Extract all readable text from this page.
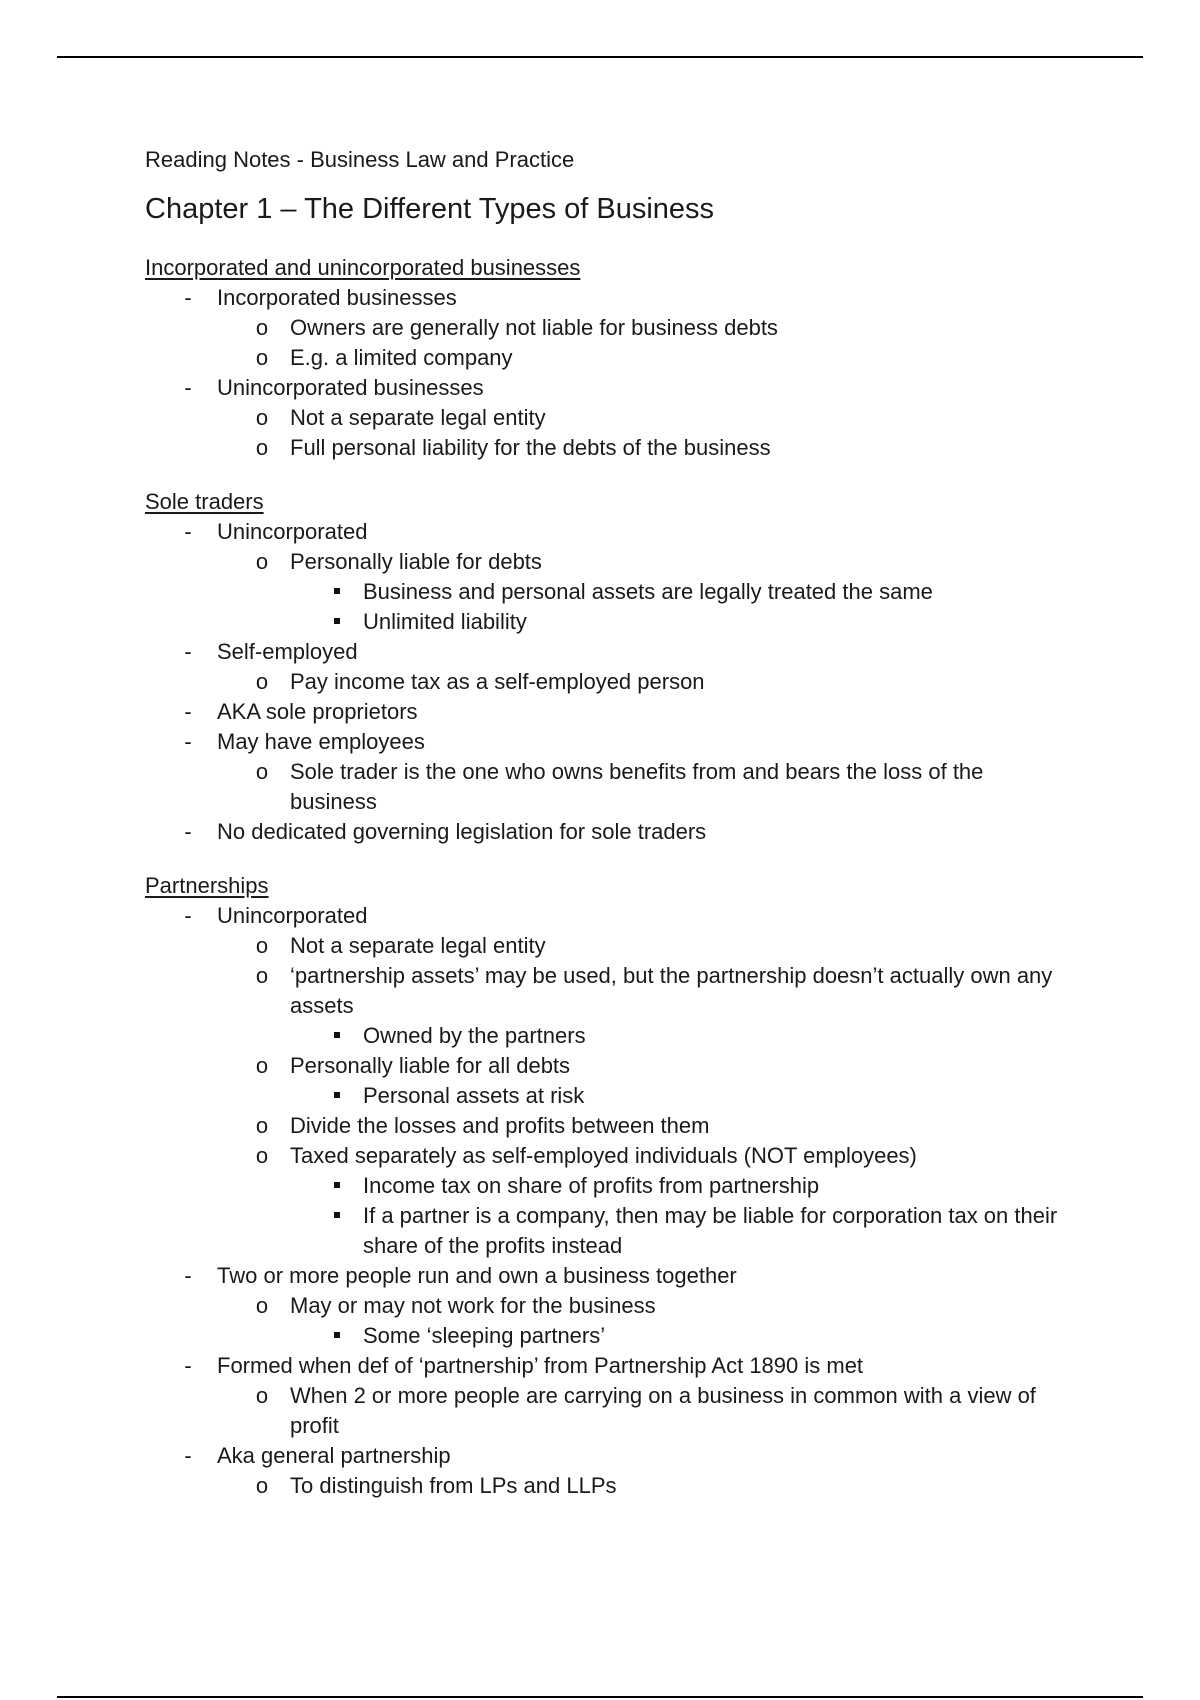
Reading Notes - Business Law and Practice

Chapter 1 – The Different Types of Business

Incorporated and unincorporated businesses

- Incorporated businesses
o Owners are generally not liable for business debts
o E.g. a limited company
- Unincorporated businesses
o Not a separate legal entity
o Full personal liability for the debts of the business

Sole traders

- Unincorporated
o Personally liable for debts
Business and personal assets are legally treated the same
Unlimited liability
- Self-employed
o Pay income tax as a self-employed person
- AKA sole proprietors
- May have employees
o Sole trader is the one who owns benefits from and bears the loss of the business
- No dedicated governing legislation for sole traders

Partnerships

- Unincorporated
o Not a separate legal entity
o ‘partnership assets’ may be used, but the partnership doesn’t actually own any assets
Owned by the partners
o Personally liable for all debts
Personal assets at risk
o Divide the losses and profits between them
o Taxed separately as self-employed individuals (NOT employees)
Income tax on share of profits from partnership
If a partner is a company, then may be liable for corporation tax on their share of the profits instead
- Two or more people run and own a business together
o May or may not work for the business
Some ‘sleeping partners’
- Formed when def of ‘partnership’ from Partnership Act 1890 is met
o When 2 or more people are carrying on a business in common with a view of profit
- Aka general partnership
o To distinguish from LPs and LLPs
